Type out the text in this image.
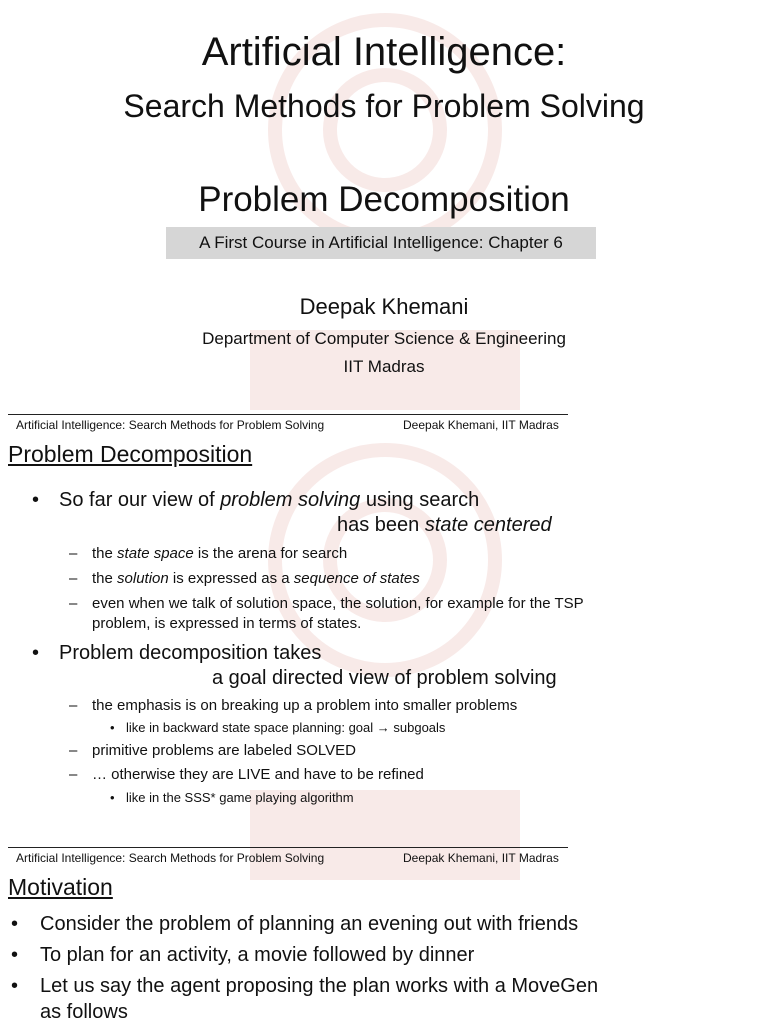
Artificial Intelligence:
Search Methods for Problem Solving
Problem Decomposition
A First Course in Artificial Intelligence: Chapter 6
Deepak Khemani
Department of Computer Science & Engineering
IIT Madras
Artificial Intelligence: Search Methods for Problem Solving	Deepak Khemani, IIT Madras
Problem Decomposition
• So far our view of problem solving using search
has been state centered
– the state space is the arena for search
– the solution is expressed as a sequence of states
– even when we talk of solution space, the solution, for example for the TSP
problem, is expressed in terms of states.
• Problem decomposition takes
a goal directed view of problem solving
– the emphasis is on breaking up a problem into smaller problems
• like in backward state space planning: goal → subgoals
– primitive problems are labeled SOLVED
– … otherwise they are LIVE and have to be refined
• like in the SSS* game playing algorithm
Artificial Intelligence: Search Methods for Problem Solving	Deepak Khemani, IIT Madras
Motivation
• Consider the problem of planning an evening out with friends
• To plan for an activity, a movie followed by dinner
• Let us say the agent proposing the plan works with a MoveGen
as follows
